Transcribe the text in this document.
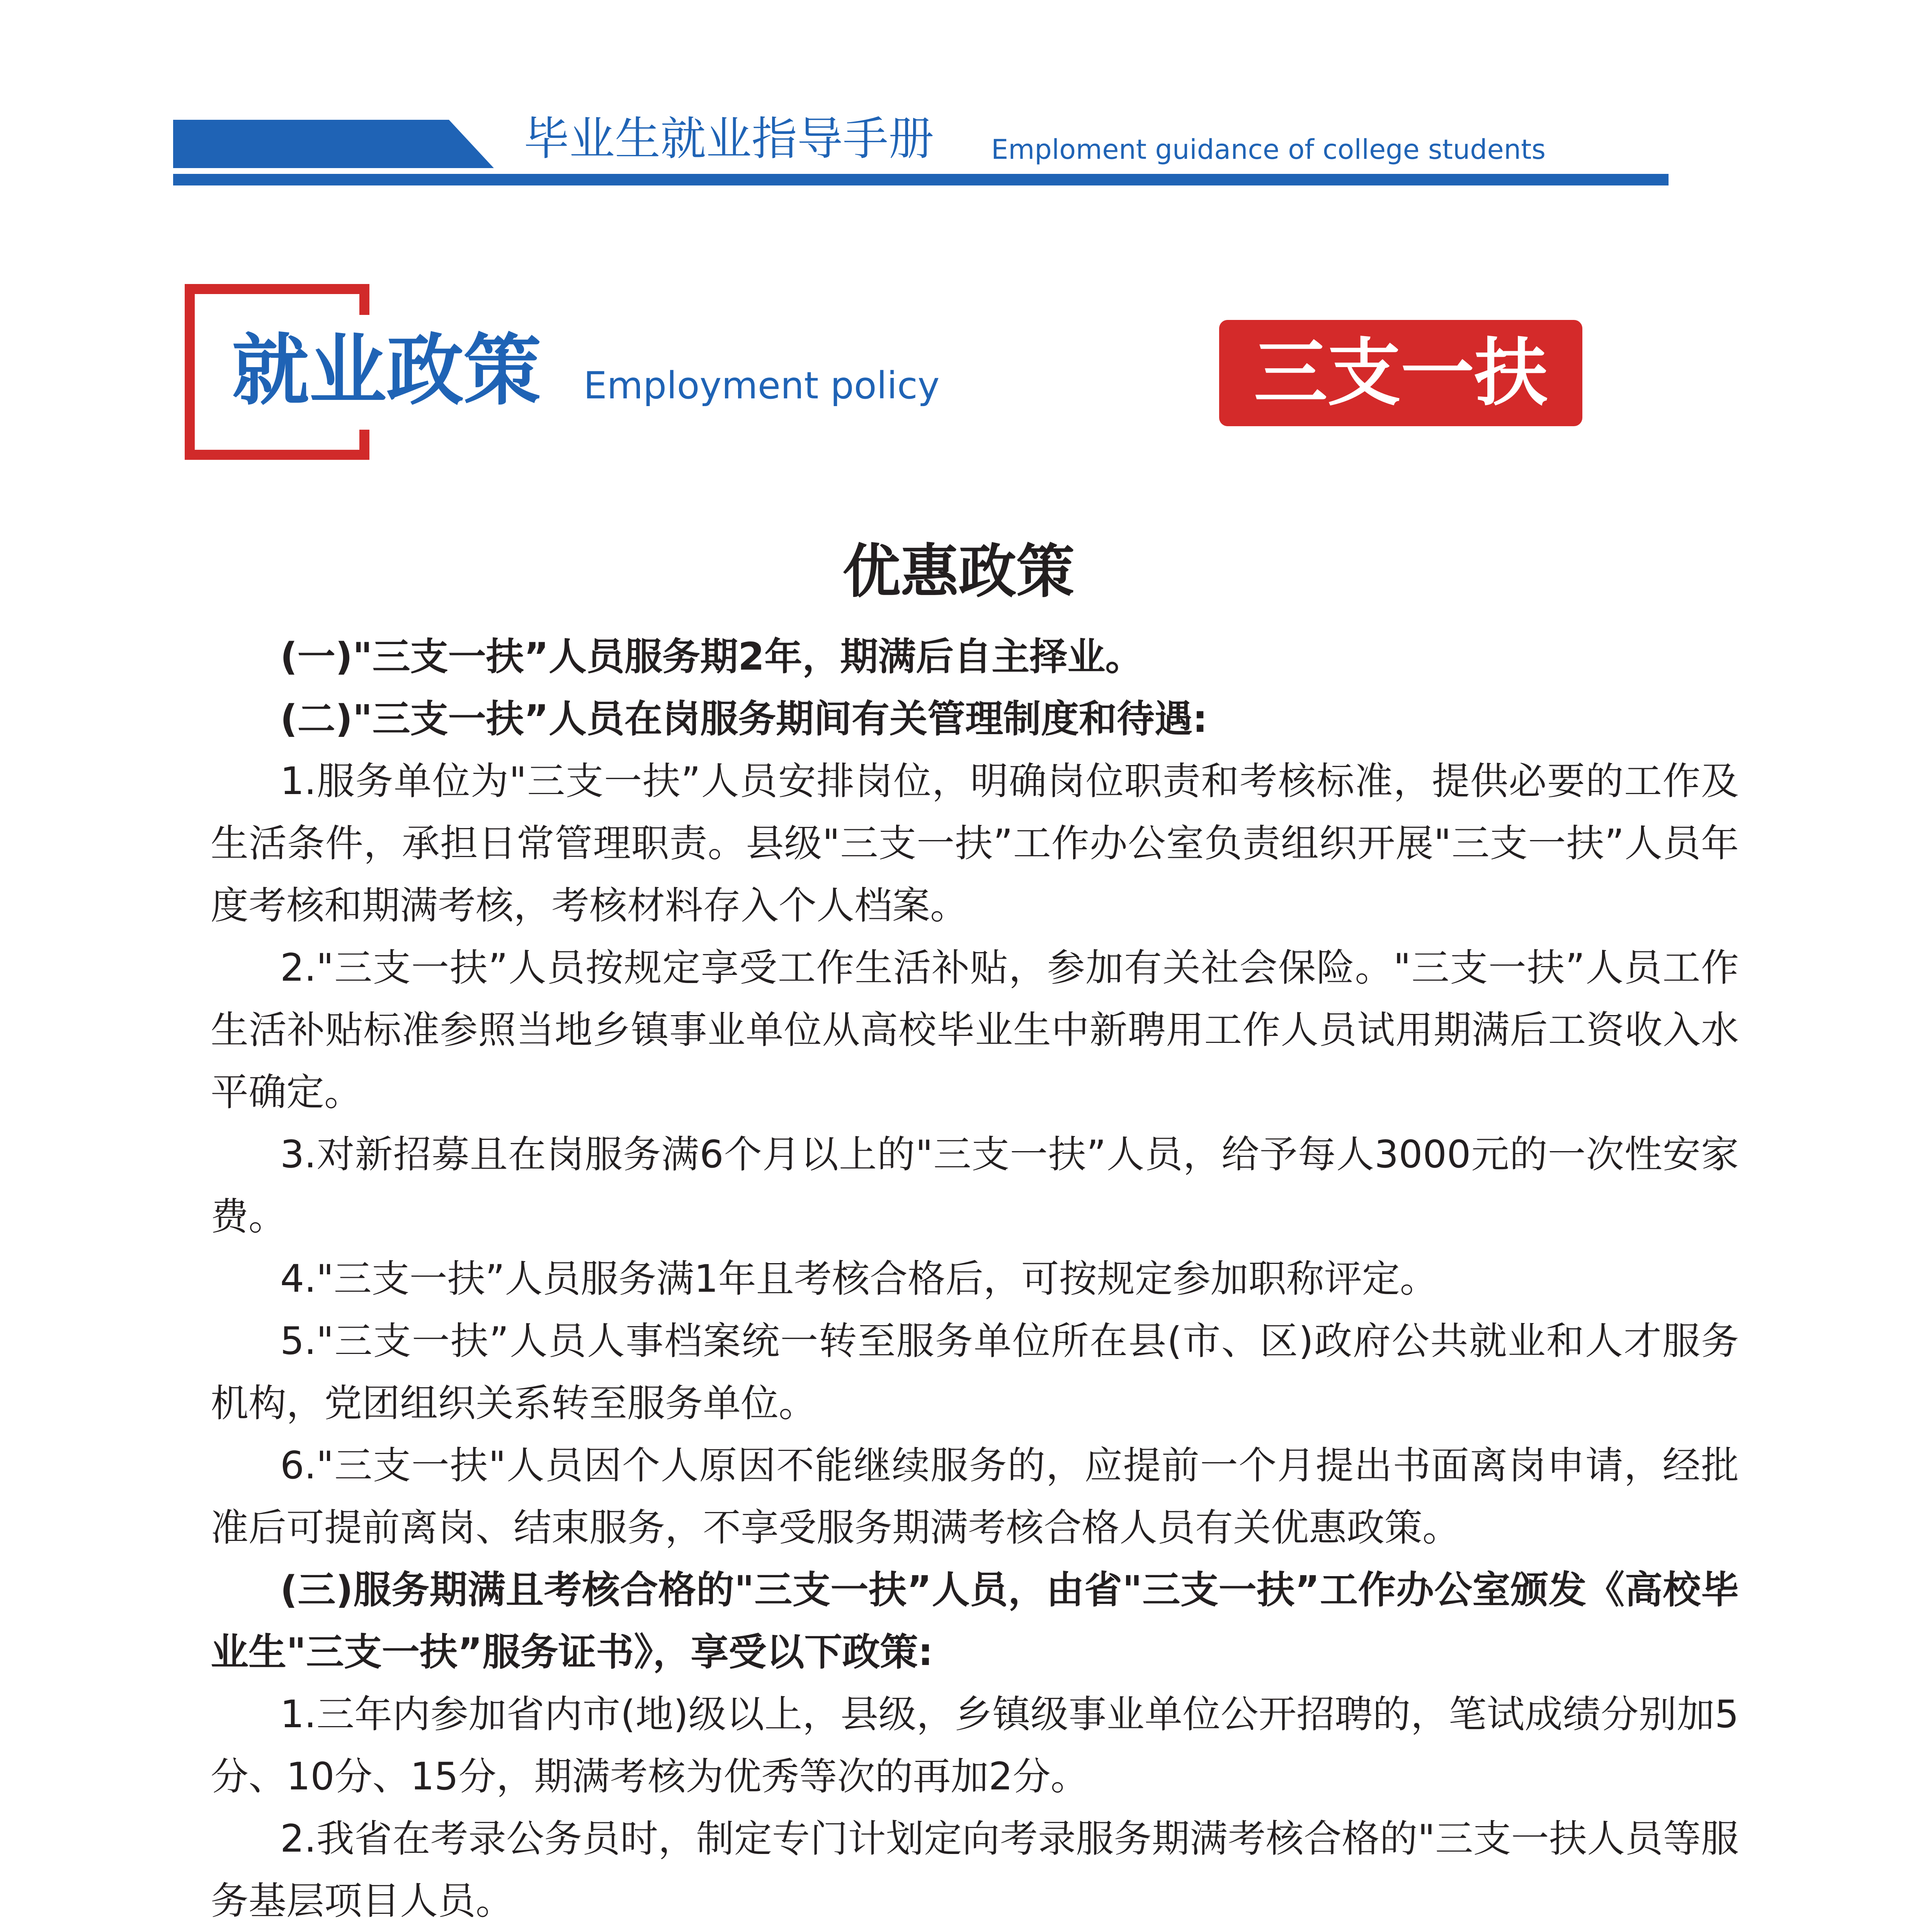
毕业生就业指导手册 Emploment guidance of college students
就业政策 Employment policy	三支一扶
优惠政策

(一)"三支一扶”人员服务期2年，期满后自主择业。

(二)"三支一扶”人员在岗服务期间有关管理制度和待遇:

1.服务单位为"三支一扶”人员安排岗位，明确岗位职责和考核标准，提供必要的工作及生活条件，承担日常管理职责。县级"三支一扶”工作办公室负责组织开展"三支一扶”人员年度考核和期满考核，考核材料存入个人档案。

2."三支一扶”人员按规定享受工作生活补贴，参加有关社会保险。"三支一扶”人员工作生活补贴标准参照当地乡镇事业单位从高校毕业生中新聘用工作人员试用期满后工资收入水平确定。

3.对新招募且在岗服务满6个月以上的"三支一扶”人员，给予每人3000元的一次性安家费。

4."三支一扶”人员服务满1年且考核合格后，可按规定参加职称评定。

5."三支一扶”人员人事档案统一转至服务单位所在县(市、区)政府公共就业和人才服务机构，党团组织关系转至服务单位。

6."三支一扶"人员因个人原因不能继续服务的，应提前一个月提出书面离岗申请，经批准后可提前离岗、结束服务，不享受服务期满考核合格人员有关优惠政策。

(三)服务期满且考核合格的"三支一扶”人员，由省"三支一扶”工作办公室颁发《高校毕业生"三支一扶”服务证书》，享受以下政策:

1.三年内参加省内市(地)级以上，县级，乡镇级事业单位公开招聘的，笔试成绩分别加5分、10分、15分，期满考核为优秀等次的再加2分。

2.我省在考录公务员时，制定专门计划定向考录服务期满考核合格的"三支一扶人员等服务基层项目人员。
